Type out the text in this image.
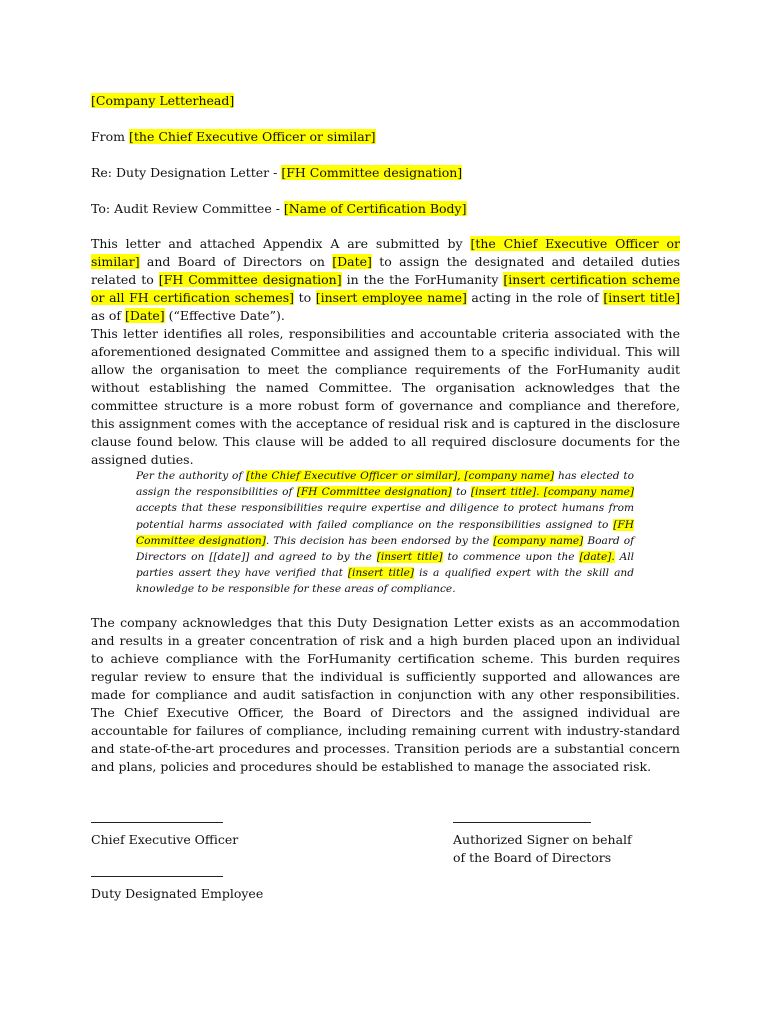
[Company Letterhead]

From [the Chief Executive Officer or similar]

Re: Duty Designation Letter - [FH Committee designation]

To: Audit Review Committee - [Name of Certification Body]

This letter and attached Appendix A are submitted by [the Chief Executive Officer or similar] and Board of Directors on [Date] to assign the designated and detailed duties related to [FH Committee designation] in the the ForHumanity [insert certification scheme or all FH certification schemes] to [insert employee name] acting in the role of [insert title] as of [Date] (“Effective Date”).

This letter identifies all roles, responsibilities and accountable criteria associated with the aforementioned designated Committee and assigned them to a specific individual. This will allow the organisation to meet the compliance requirements of the ForHumanity audit without establishing the named Committee. The organisation acknowledges that the committee structure is a more robust form of governance and compliance and therefore, this assignment comes with the acceptance of residual risk and is captured in the disclosure clause found below. This clause will be added to all required disclosure documents for the assigned duties.

Per the authority of [the Chief Executive Officer or similar], [company name] has elected to assign the responsibilities of [FH Committee designation] to [insert title]. [company name] accepts that these responsibilities require expertise and diligence to protect humans from potential harms associated with failed compliance on the responsibilities assigned to [FH Committee designation]. This decision has been endorsed by the [company name] Board of Directors on [[date]] and agreed to by the [insert title] to commence upon the [date]. All parties assert they have verified that [insert title] is a qualified expert with the skill and knowledge to be responsible for these areas of compliance.

The company acknowledges that this Duty Designation Letter exists as an accommodation and results in a greater concentration of risk and a high burden placed upon an individual to achieve compliance with the ForHumanity certification scheme. This burden requires regular review to ensure that the individual is sufficiently supported and allowances are made for compliance and audit satisfaction in conjunction with any other responsibilities. The Chief Executive Officer, the Board of Directors and the assigned individual are accountable for failures of compliance, including remaining current with industry-standard and state-of-the-art procedures and processes. Transition periods are a substantial concern and plans, policies and procedures should be established to manage the associated risk.

Chief Executive Officer	Authorized Signer on behalf
of the Board of Directors
Duty Designated Employee
